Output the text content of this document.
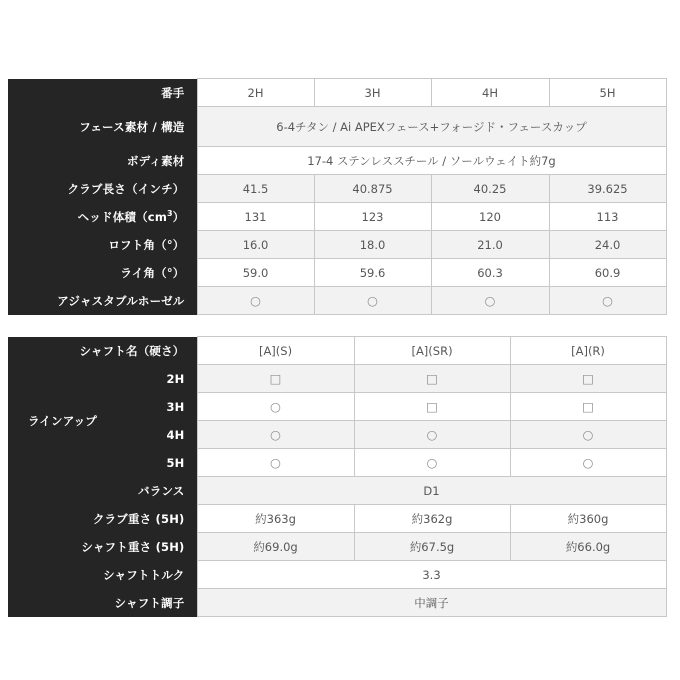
番手	2H	3H	4H	5H
フェース素材 / 構造	6-4チタン / Ai APEXフェース+フォージド・フェースカップ			
ボディ素材	17-4 ステンレススチール / ソールウェイト約7g			
クラブ長さ（インチ）	41.5	40.875	40.25	39.625
ヘッド体積$(cm^3)$	131	123	120	113
ロフト角（°）	16.0	18.0	21.0	24.0
ライ角（°）	59.0	59.6	60.3	60.9
アジャスタブルホーゼル	○	○	○	○
シャフト名（硬さ）		[A](S)	[A](SR)	[A](R)
ラインアップ	2H	□	□	□
	3H	○	□	□
	4H	○	○	○
	5H	○	○	○
バランス		D1		
クラブ重さ (5H)		約363g	約362g	約360g
シャフト重さ (5H)		約69.0g	約67.5g	約66.0g
シャフトトルク		3.3		
シャフト調子		中調子		
